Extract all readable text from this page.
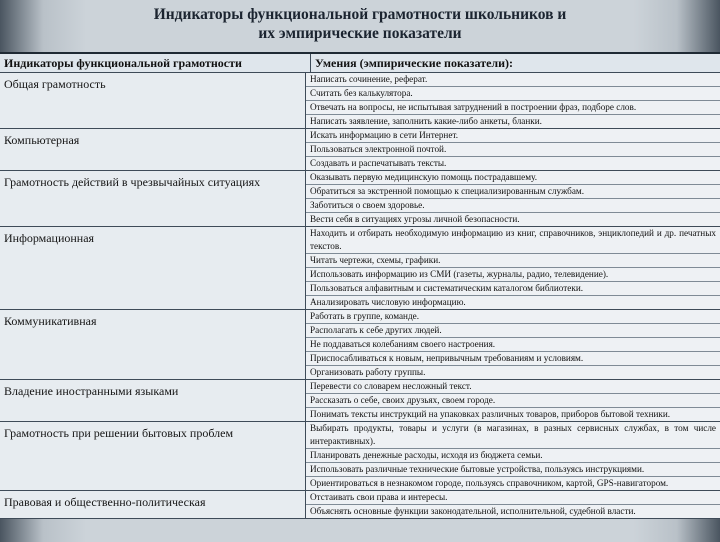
Индикаторы функциональной грамотности школьников и
их эмпирические показатели
Индикаторы функциональной грамотности	Умения (эмпирические показатели):
Общая грамотность	Написать сочинение, реферат.
Считать без калькулятора.
Отвечать на вопросы, не испытывая затруднений в построении фраз, подборе слов.
Написать заявление, заполнить какие-либо анкеты, бланки.
Компьютерная	Искать информацию в сети Интернет.
Пользоваться электронной почтой.
Создавать и распечатывать тексты.
Грамотность действий в чрезвычайных ситуациях	Оказывать первую медицинскую помощь пострадавшему.
Обратиться за экстренной помощью к специализированным службам.
Заботиться о своем здоровье.
Вести себя в ситуациях угрозы личной безопасности.
Информационная	Находить и отбирать необходимую информацию из книг, справочников, энциклопедий и др. печатных текстов.
Читать чертежи, схемы, графики.
Использовать информацию из СМИ (газеты, журналы, радио, телевидение).
Пользоваться алфавитным и систематическим каталогом библиотеки.
Анализировать числовую информацию.
Коммуникативная	Работать в группе, команде.
Располагать к себе других людей.
Не поддаваться колебаниям своего настроения.
Приспосабливаться к новым, непривычным требованиям и условиям.
Организовать работу группы.
Владение иностранными языками	Перевести со словарем несложный текст.
Рассказать о себе, своих друзьях, своем городе.
Понимать тексты инструкций на упаковках различных товаров, приборов бытовой техники.
Грамотность при решении бытовых проблем	Выбирать продукты, товары и услуги (в магазинах, в разных сервисных службах, в том числе интерактивных).
Планировать денежные расходы, исходя из бюджета семьи.
Использовать различные технические бытовые устройства, пользуясь инструкциями.
Ориентироваться в незнакомом городе, пользуясь справочником, картой, GPS-навигатором.
Правовая и общественно-политическая	Отстаивать свои права и интересы.
Объяснять основные функции законодательной, исполнительной, судебной власти.
